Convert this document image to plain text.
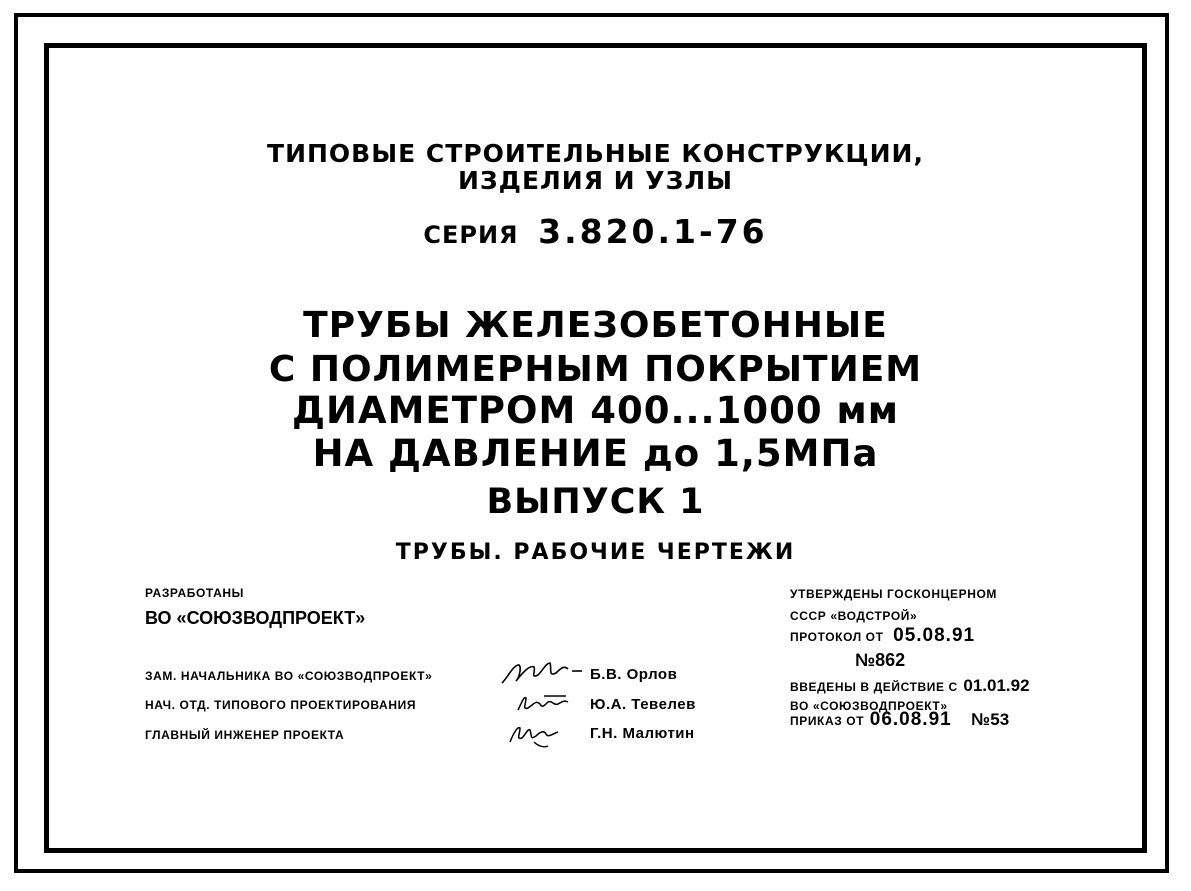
ТИПОВЫЕ СТРОИТЕЛЬНЫЕ КОНСТРУКЦИИ,
ИЗДЕЛИЯ И УЗЛЫ
СЕРИЯ 3.820.1-76
ТРУБЫ ЖЕЛЕЗОБЕТОННЫЕ
С ПОЛИМЕРНЫМ ПОКРЫТИЕМ
ДИАМЕТРОМ 400...1000 мм
НА ДАВЛЕНИЕ до 1,5МПа
ВЫПУСК 1
ТРУБЫ. РАБОЧИЕ ЧЕРТЕЖИ
РАЗРАБОТАНЫ
ВО «СОЮЗВОДПРОЕКТ»
ЗАМ. НАЧАЛЬНИКА ВО «СОЮЗВОДПРОЕКТ»	Б.В. Орлов
НАЧ. ОТД. ТИПОВОГО ПРОЕКТИРОВАНИЯ	Ю.А. Тевелев
ГЛАВНЫЙ ИНЖЕНЕР ПРОЕКТА	Г.Н. Малютин
УТВЕРЖДЕНЫ ГОСКОНЦЕРНОМ
СССР «ВОДСТРОЙ»
ПРОТОКОЛ ОТ 05.08.91
№862
ВВЕДЕНЫ В ДЕЙСТВИЕ С 01.01.92
ВО «СОЮЗВОДПРОЕКТ»
ПРИКАЗ ОТ 06.08.91 №53
